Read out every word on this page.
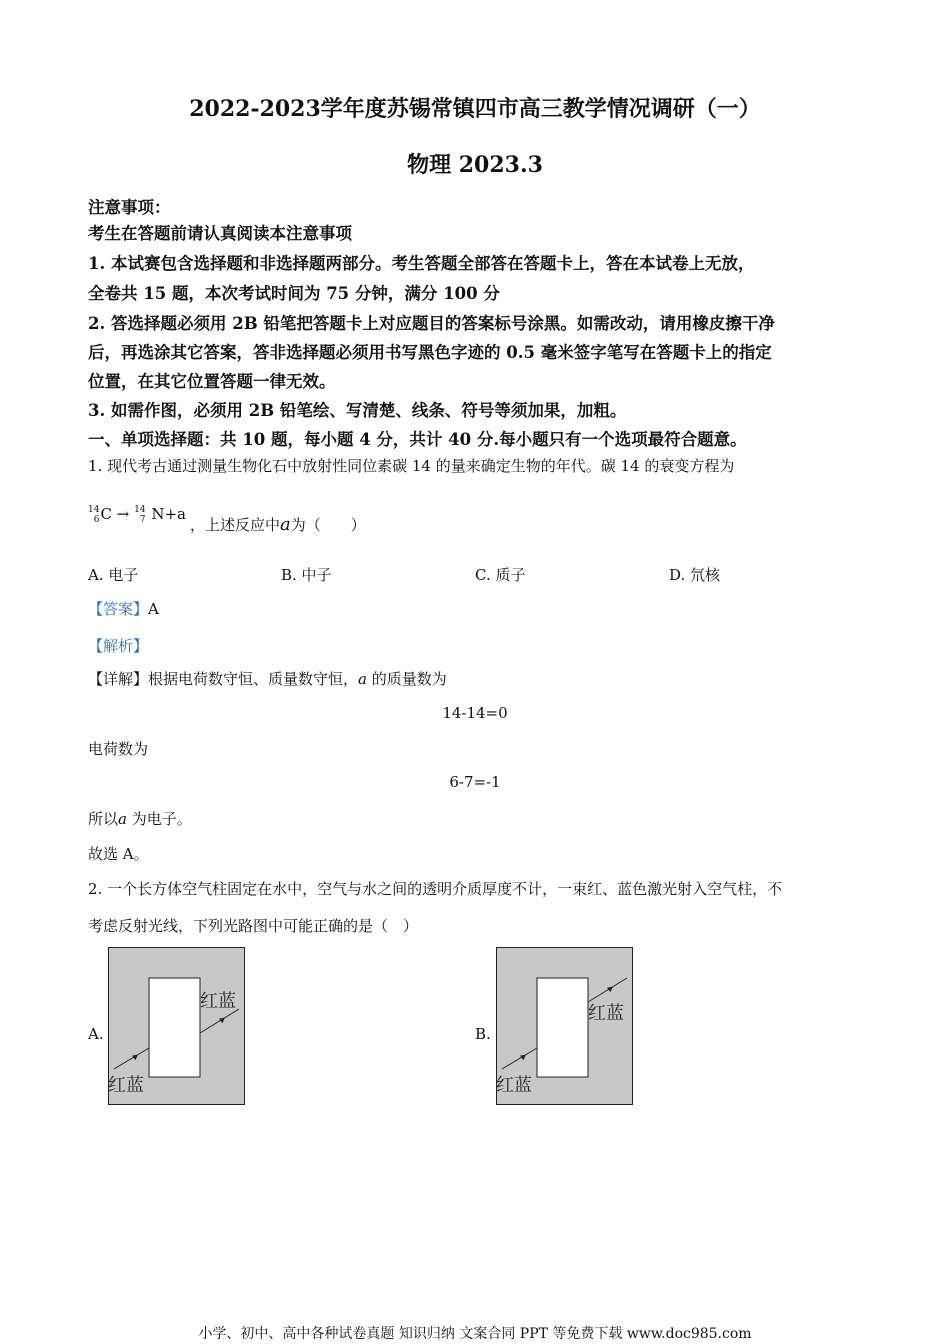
2022-2023学年度苏锡常镇四市高三教学情况调研（一）
物理 2023.3
注意事项：
考生在答题前请认真阅读本注意事项
1. 本试赛包含选择题和非选择题两部分。考生答题全部答在答题卡上，答在本试卷上无放，
全卷共 15 题，本次考试时间为 75 分钟，满分 100 分
2. 答选择题必须用 2B 铅笔把答题卡上对应题目的答案标号涂黑。如需改动，请用橡皮擦干净
后，再选涂其它答案，答非选择题必须用书写黑色字迹的 0.5 毫米签字笔写在答题卡上的指定
位置，在其它位置答题一律无效。
3. 如需作图，必须用 2B 铅笔绘、写清楚、线条、符号等须加果，加粗。
一、单项选择题：共 10 题，每小题 4 分，共计 40 分.每小题只有一个选项最符合题意。
1. 现代考古通过测量生物化石中放射性同位素碳 14 的量来确定生物的年代。碳 14 的衰变方程为
14
6 C → 14
7 N+a
，上述反应中a为（　　）
A. 电子	B. 中子	C. 质子	D. 氘核
【答案】A
【解析】
【详解】根据电荷数守恒、质量数守恒，a 的质量数为
14-14=0
电荷数为
6-7=-1
所以a 为电子。
故选 A。
2. 一个长方体空气柱固定在水中，空气与水之间的透明介质厚度不计，一束红、蓝色激光射入空气柱，不
考虑反射光线，下列光路图中可能正确的是（　）
A.	B.
红蓝
红蓝
红蓝
红蓝
小学、初中、高中各种试卷真题 知识归纳 文案合同 PPT 等免费下载 www.doc985.com
